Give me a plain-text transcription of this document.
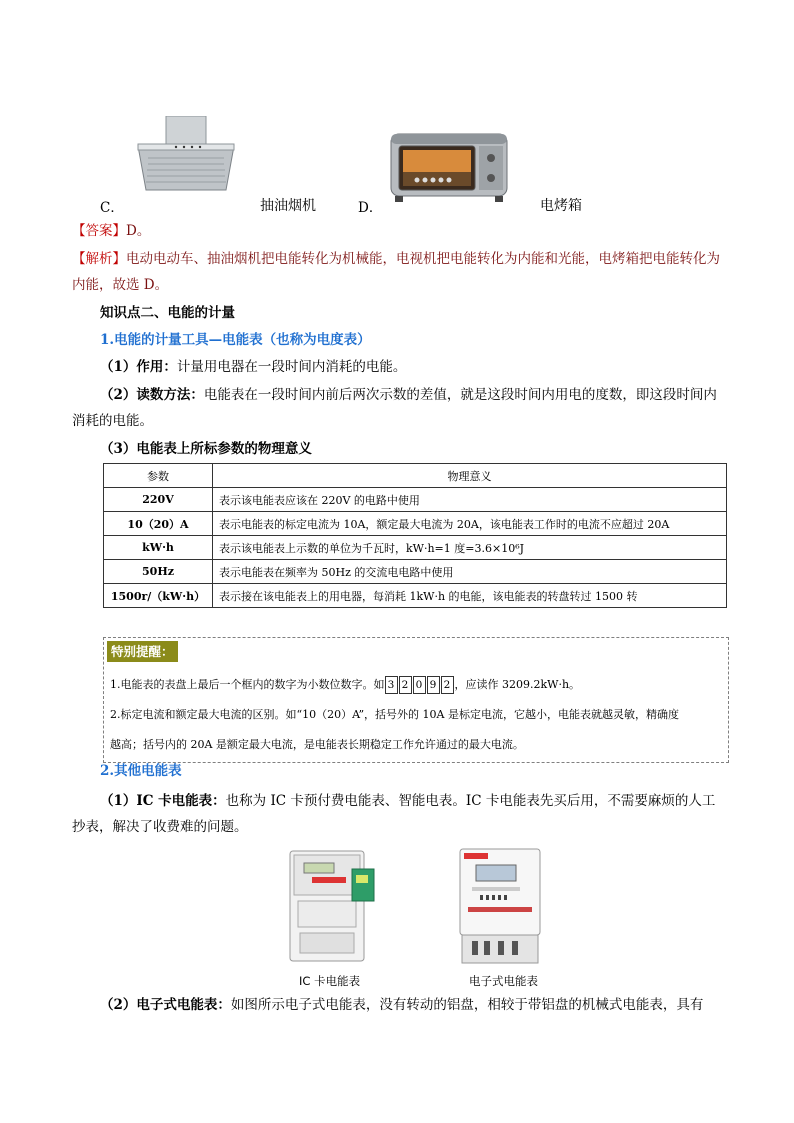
C．	抽油烟机	D．	电烤箱
【答案】D。
【解析】电动电动车、抽油烟机把电能转化为机械能，电视机把电能转化为内能和光能，电烤箱把电能转化为内能，故选 D。
知识点二、电能的计量
1.电能的计量工具—电能表（也称为电度表）
（1）作用：计量用电器在一段时间内消耗的电能。
（2）读数方法：电能表在一段时间内前后两次示数的差值，就是这段时间内用电的度数，即这段时间内消耗的电能。
（3）电能表上所标参数的物理意义
参数	物理意义
220V	表示该电能表应该在 220V 的电路中使用
10（20）A	表示电能表的标定电流为 10A，额定最大电流为 20A，该电能表工作时的电流不应超过 20A
kW·h	表示该电能表上示数的单位为千瓦时，kW·h=1 度=3.6×10⁶J
50Hz	表示电能表在频率为 50Hz 的交流电电路中使用
1500r/（kW·h）	表示接在该电能表上的用电器，每消耗 1kW·h 的电能，该电能表的转盘转过 1500 转
特别提醒：
1.电能表的表盘上最后一个框内的数字为小数位数字。如 3 2 0 9 2 ，应读作 3209.2kW·h。
2.标定电流和额定最大电流的区别。如“10（20）A”，括号外的 10A 是标定电流，它越小，电能表就越灵敏，精确度
越高；括号内的 20A 是额定最大电流，是电能表长期稳定工作允许通过的最大电流。
2.其他电能表
（1）IC 卡电能表：也称为 IC 卡预付费电能表、智能电表。IC 卡电能表先买后用，不需要麻烦的人工抄表，解决了收费难的问题。
IC 卡电能表	电子式电能表
（2）电子式电能表：如图所示电子式电能表，没有转动的铝盘，相较于带铝盘的机械式电能表，具有
